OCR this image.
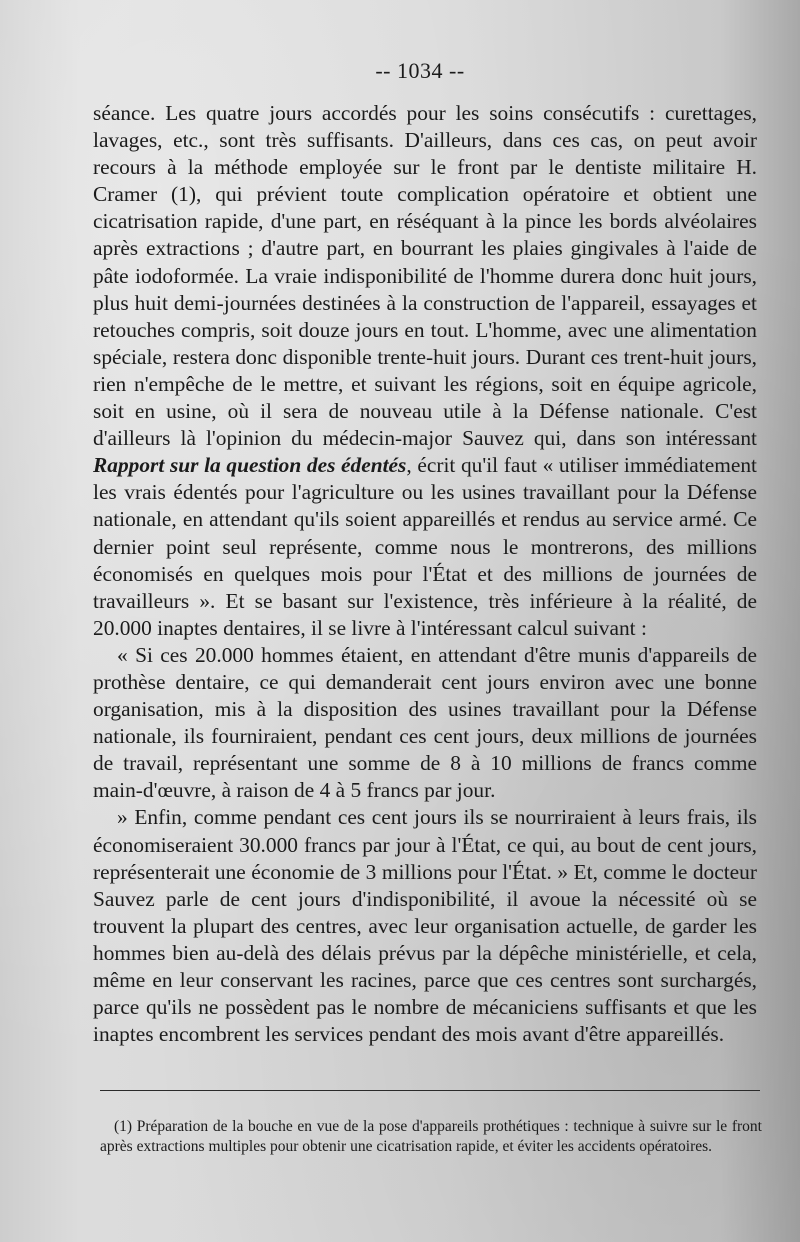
-- 1034 --

séance. Les quatre jours accordés pour les soins consécutifs : curettages, lavages, etc., sont très suffisants. D'ailleurs, dans ces cas, on peut avoir recours à la méthode employée sur le front par le dentiste militaire H. Cramer (1), qui prévient toute complication opératoire et obtient une cicatrisation rapide, d'une part, en réséquant à la pince les bords alvéolaires après extractions ; d'autre part, en bourrant les plaies gingivales à l'aide de pâte iodoformée. La vraie indisponibilité de l'homme durera donc huit jours, plus huit demi-journées destinées à la construction de l'appareil, essayages et retouches compris, soit douze jours en tout. L'homme, avec une alimentation spéciale, restera donc disponible trente-huit jours. Durant ces trent-huit jours, rien n'empêche de le mettre, et suivant les régions, soit en équipe agricole, soit en usine, où il sera de nouveau utile à la Défense nationale. C'est d'ailleurs là l'opinion du médecin-major Sauvez qui, dans son intéressant Rapport sur la question des édentés, écrit qu'il faut « utiliser immédiatement les vrais édentés pour l'agriculture ou les usines travaillant pour la Défense nationale, en attendant qu'ils soient appareillés et rendus au service armé. Ce dernier point seul représente, comme nous le montrerons, des millions économisés en quelques mois pour l'État et des millions de journées de travailleurs ». Et se basant sur l'existence, très inférieure à la réalité, de 20.000 inaptes dentaires, il se livre à l'intéressant calcul suivant :

« Si ces 20.000 hommes étaient, en attendant d'être munis d'appareils de prothèse dentaire, ce qui demanderait cent jours environ avec une bonne organisation, mis à la disposition des usines travaillant pour la Défense nationale, ils fourniraient, pendant ces cent jours, deux millions de journées de travail, représentant une somme de 8 à 10 millions de francs comme main-d'œuvre, à raison de 4 à 5 francs par jour.

» Enfin, comme pendant ces cent jours ils se nourriraient à leurs frais, ils économiseraient 30.000 francs par jour à l'État, ce qui, au bout de cent jours, représenterait une économie de 3 millions pour l'État. » Et, comme le docteur Sauvez parle de cent jours d'indisponibilité, il avoue la nécessité où se trouvent la plupart des centres, avec leur organisation actuelle, de garder les hommes bien au-delà des délais prévus par la dépêche ministérielle, et cela, même en leur conservant les racines, parce que ces centres sont surchargés, parce qu'ils ne possèdent pas le nombre de mécaniciens suffisants et que les inaptes encombrent les services pendant des mois avant d'être appareillés.

(1) Préparation de la bouche en vue de la pose d'appareils prothétiques : technique à suivre sur le front après extractions multiples pour obtenir une cicatrisation rapide, et éviter les accidents opératoires.
